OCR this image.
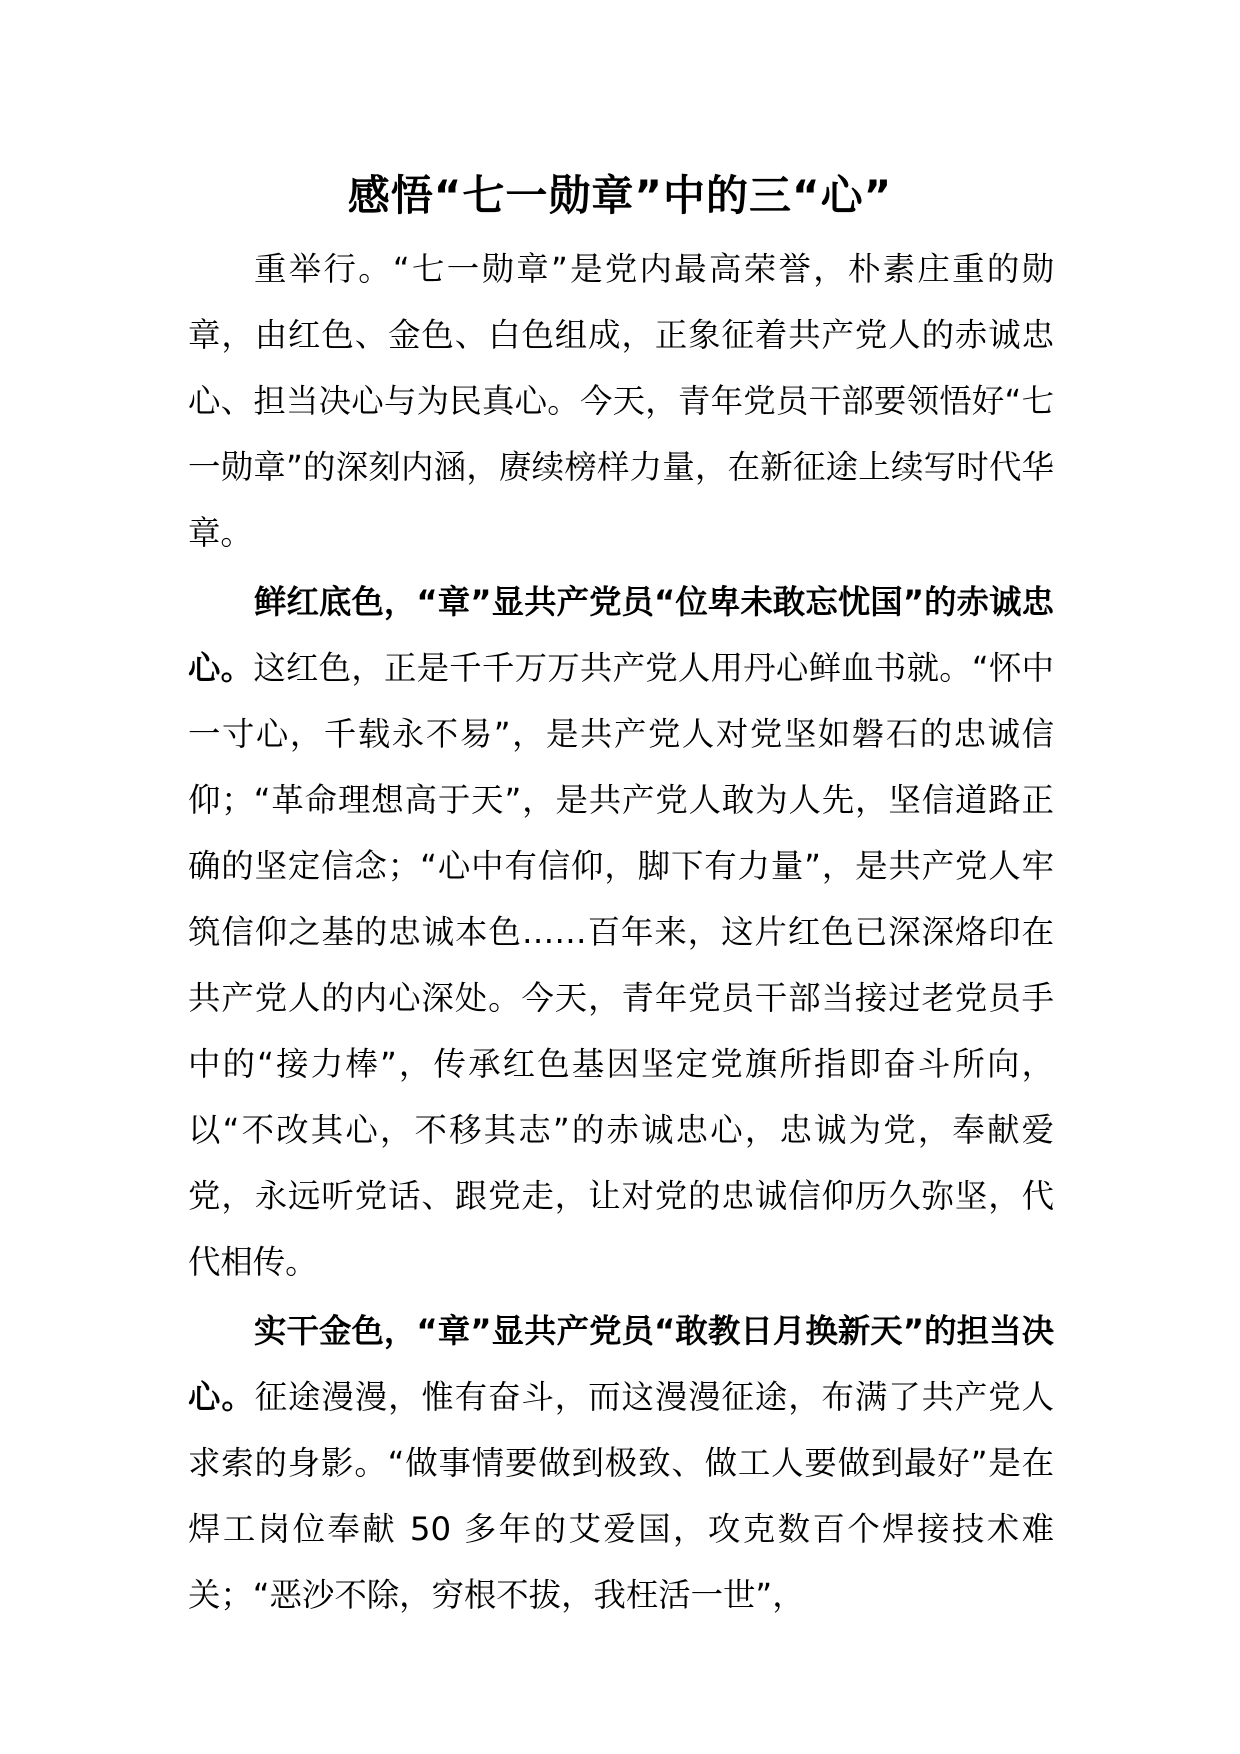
感悟“七一勋章”中的三“心”

重举行。“七一勋章”是党内最高荣誉，朴素庄重的勋章，由红色、金色、白色组成，正象征着共产党人的赤诚忠心、担当决心与为民真心。今天，青年党员干部要领悟好“七一勋章”的深刻内涵，赓续榜样力量，在新征途上续写时代华章。

鲜红底色，“章”显共产党员“位卑未敢忘忧国”的赤诚忠心。这红色，正是千千万万共产党人用丹心鲜血书就。“怀中一寸心，千载永不易”，是共产党人对党坚如磐石的忠诚信仰；“革命理想高于天”，是共产党人敢为人先，坚信道路正确的坚定信念；“心中有信仰，脚下有力量”，是共产党人牢筑信仰之基的忠诚本色……百年来，这片红色已深深烙印在共产党人的内心深处。今天，青年党员干部当接过老党员手中的“接力棒”，传承红色基因坚定党旗所指即奋斗所向，以“不改其心，不移其志”的赤诚忠心，忠诚为党，奉献爱党，永远听党话、跟党走，让对党的忠诚信仰历久弥坚，代代相传。

实干金色，“章”显共产党员“敢教日月换新天”的担当决心。征途漫漫，惟有奋斗，而这漫漫征途，布满了共产党人求索的身影。“做事情要做到极致、做工人要做到最好”是在焊工岗位奉献 50 多年的艾爱国，攻克数百个焊接技术难关；“恶沙不除，穷根不拔，我枉活一世”，
